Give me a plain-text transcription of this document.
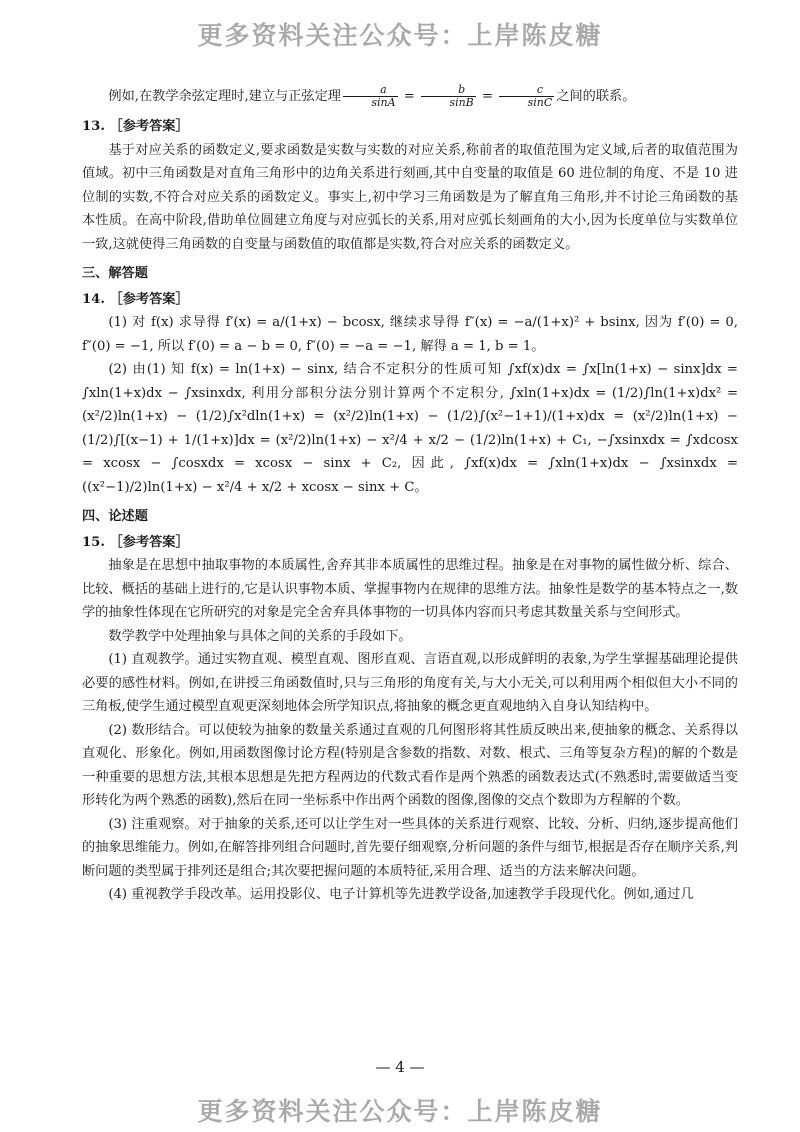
更多资料关注公众号：上岸陈皮糖

例如,在教学余弦定理时,建立与正弦定理 $\frac{a}{\sin A} = \frac{b}{\sin B} = \frac{c}{\sin C}$ 之间的联系。

13. ［参考答案］

基于对应关系的函数定义,要求函数是实数与实数的对应关系,称前者的取值范围为定义域,后者的取值范围为值域。初中三角函数是对直角三角形中的边角关系进行刻画,其中自变量的取值是 60 进位制的角度、不是 10 进位制的实数,不符合对应关系的函数定义。事实上,初中学习三角函数是为了解直角三角形,并不讨论三角函数的基本性质。在高中阶段,借助单位圆建立角度与对应弧长的关系,用对应弧长刻画角的大小,因为长度单位与实数单位一致,这就使得三角函数的自变量与函数值的取值都是实数,符合对应关系的函数定义。

三、解答题

14. ［参考答案］

(1) 对 f(x) 求导得 f′(x) = a/(1+x) − bcosx, 继续求导得 f″(x) = −a/(1+x)² + bsinx, 因为 f′(0) = 0, f″(0) = −1, 所以 f′(0) = a − b = 0, f″(0) = −a = −1, 解得 a = 1, b = 1。

(2) 由(1) 知 f(x) = ln(1+x) − sinx, 结合不定积分的性质可知 ∫xf(x)dx = ∫x[ln(1+x) − sinx]dx = ∫xln(1+x)dx − ∫xsinxdx, 利用分部积分法分别计算两个不定积分, ∫xln(1+x)dx = (1/2)∫ln(1+x)dx² = (x²/2)ln(1+x) − (1/2)∫x²dln(1+x) = (x²/2)ln(1+x) − (1/2)∫(x²−1+1)/(1+x)dx = (x²/2)ln(1+x) − (1/2)∫[(x−1) + 1/(1+x)]dx = (x²/2)ln(1+x) − x²/4 + x/2 − (1/2)ln(1+x) + C₁, −∫xsinxdx = ∫xdcosx = xcosx − ∫cosxdx = xcosx − sinx + C₂, 因此, ∫xf(x)dx = ∫xln(1+x)dx − ∫xsinxdx = ((x²−1)/2)ln(1+x) − x²/4 + x/2 + xcosx − sinx + C。

四、论述题

15. ［参考答案］

抽象是在思想中抽取事物的本质属性,舍弃其非本质属性的思维过程。抽象是在对事物的属性做分析、综合、比较、概括的基础上进行的,它是认识事物本质、掌握事物内在规律的思维方法。抽象性是数学的基本特点之一,数学的抽象性体现在它所研究的对象是完全舍弃具体事物的一切具体内容而只考虑其数量关系与空间形式。

数学教学中处理抽象与具体之间的关系的手段如下。

(1) 直观教学。通过实物直观、模型直观、图形直观、言语直观,以形成鲜明的表象,为学生掌握基础理论提供必要的感性材料。例如,在讲授三角函数值时,只与三角形的角度有关,与大小无关,可以利用两个相似但大小不同的三角板,使学生通过模型直观更深刻地体会所学知识点,将抽象的概念更直观地纳入自身认知结构中。

(2) 数形结合。可以使较为抽象的数量关系通过直观的几何图形将其性质反映出来,使抽象的概念、关系得以直观化、形象化。例如,用函数图像讨论方程(特别是含参数的指数、对数、根式、三角等复杂方程)的解的个数是一种重要的思想方法,其根本思想是先把方程两边的代数式看作是两个熟悉的函数表达式(不熟悉时,需要做适当变形转化为两个熟悉的函数),然后在同一坐标系中作出两个函数的图像,图像的交点个数即为方程解的个数。

(3) 注重观察。对于抽象的关系,还可以让学生对一些具体的关系进行观察、比较、分析、归纳,逐步提高他们的抽象思维能力。例如,在解答排列组合问题时,首先要仔细观察,分析问题的条件与细节,根据是否存在顺序关系,判断问题的类型属于排列还是组合;其次要把握问题的本质特征,采用合理、适当的方法来解决问题。

(4) 重视教学手段改革。运用投影仪、电子计算机等先进教学设备,加速教学手段现代化。例如,通过几

— 4 —
更多资料关注公众号：上岸陈皮糖
